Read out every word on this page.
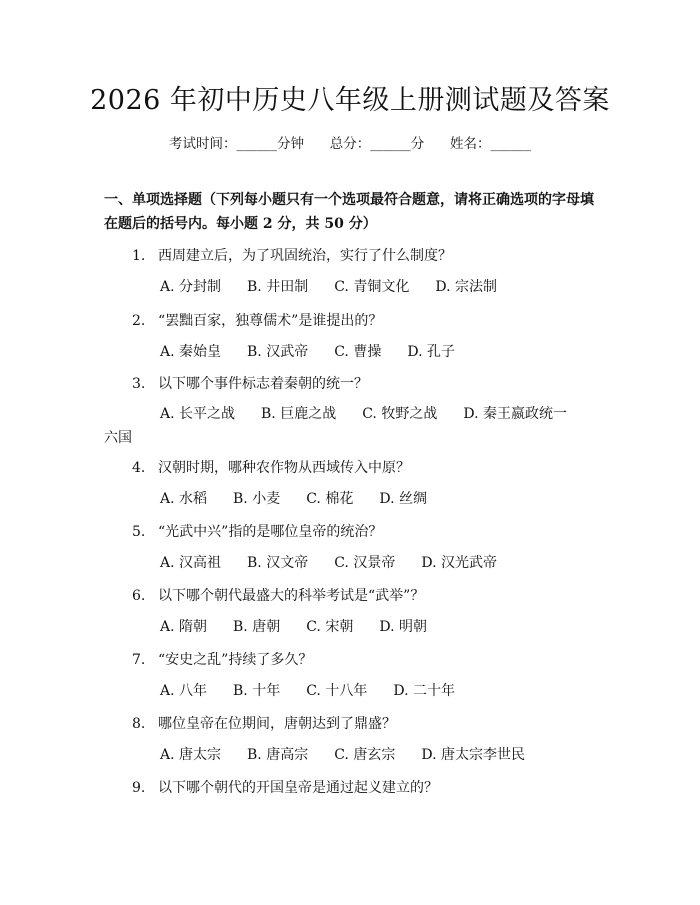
2026 年初中历史八年级上册测试题及答案
考试时间：______分钟 总分：______分 姓名：______
一、单项选择题（下列每小题只有一个选项最符合题意，请将正确选项的字母填在题后的括号内。每小题 2 分，共 50 分）
1. 西周建立后，为了巩固统治，实行了什么制度？
A. 分封制 B. 井田制 C. 青铜文化 D. 宗法制
2. “罢黜百家，独尊儒术”是谁提出的？
A. 秦始皇 B. 汉武帝 C. 曹操 D. 孔子
3. 以下哪个事件标志着秦朝的统一？
A. 长平之战 B. 巨鹿之战 C. 牧野之战 D. 秦王嬴政统一
六国
4. 汉朝时期，哪种农作物从西域传入中原？
A. 水稻 B. 小麦 C. 棉花 D. 丝绸
5. “光武中兴”指的是哪位皇帝的统治？
A. 汉高祖 B. 汉文帝 C. 汉景帝 D. 汉光武帝
6. 以下哪个朝代最盛大的科举考试是“武举”？
A. 隋朝 B. 唐朝 C. 宋朝 D. 明朝
7. “安史之乱”持续了多久？
A. 八年 B. 十年 C. 十八年 D. 二十年
8. 哪位皇帝在位期间，唐朝达到了鼎盛？
A. 唐太宗 B. 唐高宗 C. 唐玄宗 D. 唐太宗李世民
9. 以下哪个朝代的开国皇帝是通过起义建立的？
